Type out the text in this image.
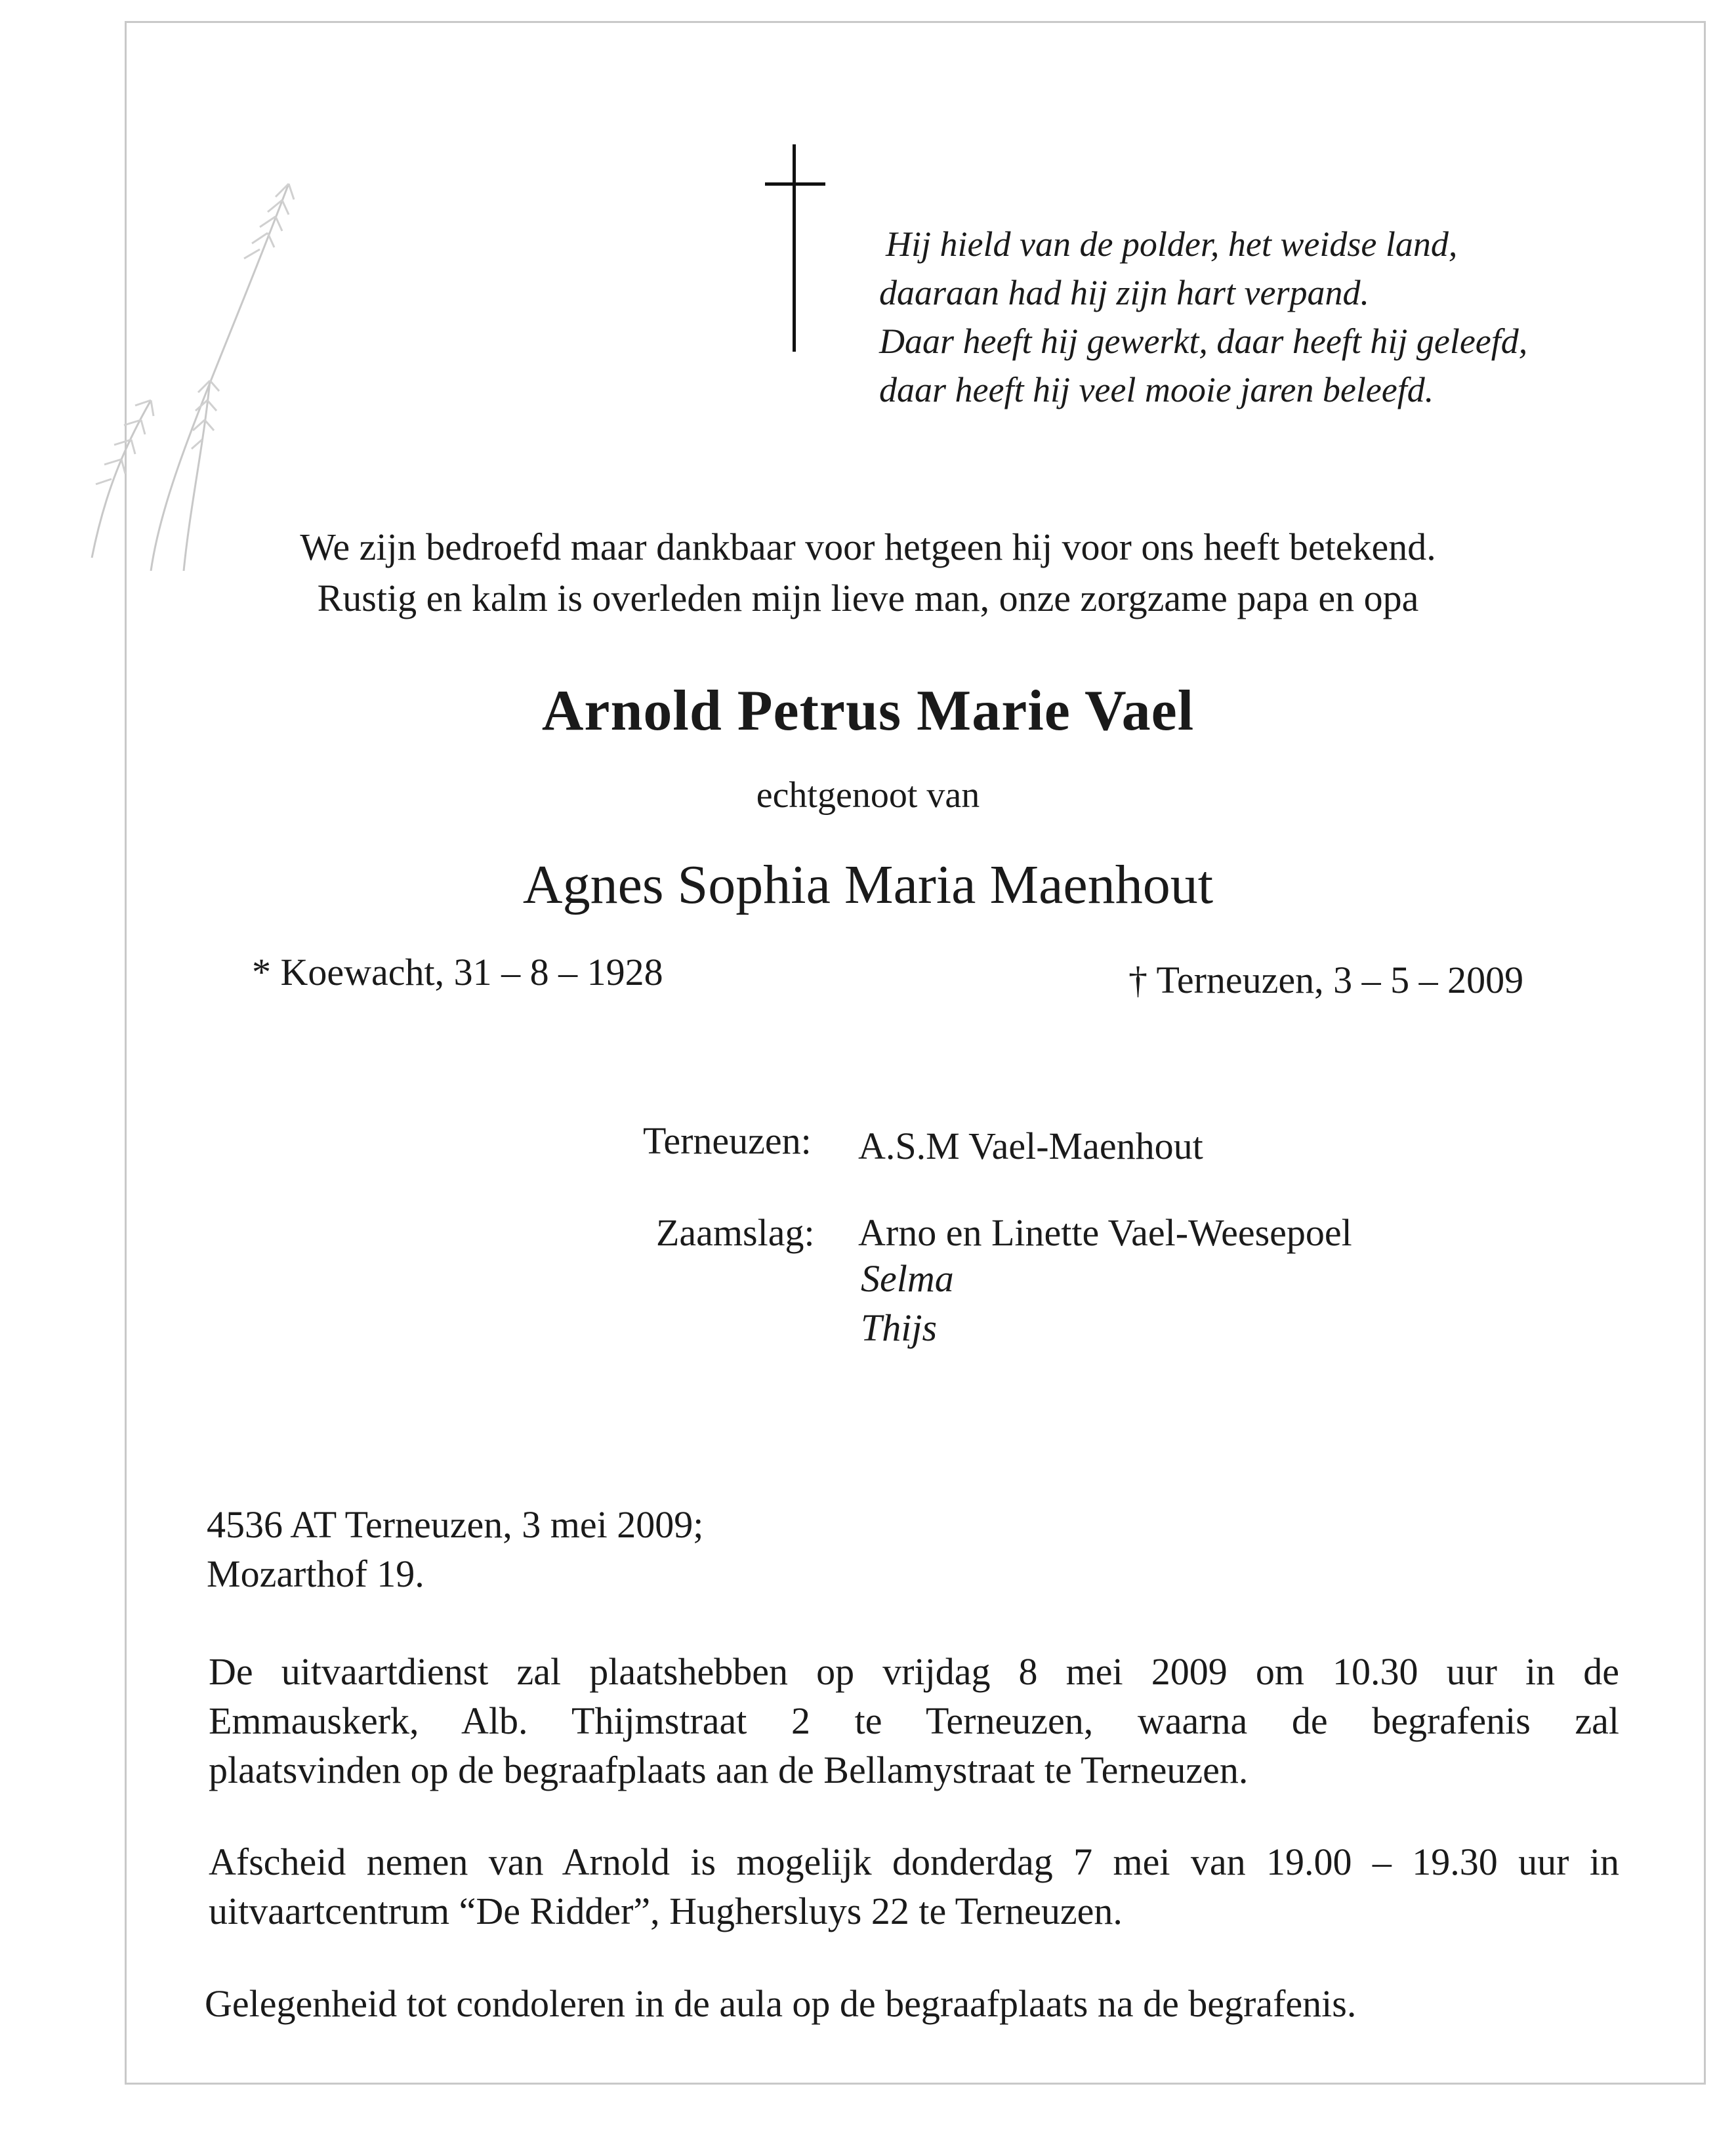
Hij hield van de polder, het weidse land,
daaraan had hij zijn hart verpand.
Daar heeft hij gewerkt, daar heeft hij geleefd,
daar heeft hij veel mooie jaren beleefd.
We zijn bedroefd maar dankbaar voor hetgeen hij voor ons heeft betekend.
Rustig en kalm is overleden mijn lieve man, onze zorgzame papa en opa
Arnold Petrus Marie Vael
echtgenoot van
Agnes Sophia Maria Maenhout
* Koewacht, 31 – 8 – 1928	† Terneuzen, 3 – 5 – 2009
Terneuzen: A.S.M Vael-Maenhout
Zaamslag: Arno en Linette Vael-Weesepoel
Selma
Thijs
4536 AT Terneuzen, 3 mei 2009;
Mozarthof 19.
De uitvaartdienst zal plaatshebben op vrijdag 8 mei 2009 om 10.30 uur in de
Emmauskerk, Alb. Thijmstraat 2 te Terneuzen, waarna de begrafenis zal
plaatsvinden op de begraafplaats aan de Bellamystraat te Terneuzen.
Afscheid nemen van Arnold is mogelijk donderdag 7 mei van 19.00 – 19.30 uur in
uitvaartcentrum “De Ridder”, Hughersluys 22 te Terneuzen.
Gelegenheid tot condoleren in de aula op de begraafplaats na de begrafenis.
